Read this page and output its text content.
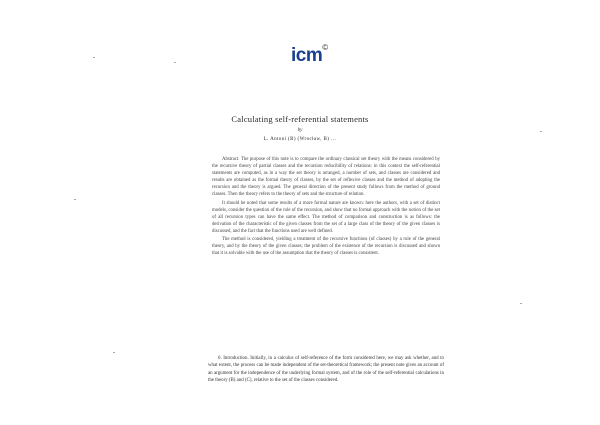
icm©
Calculating self-referential statements
by
L. Antoni (B) (Wrocław, B) …

Abstract. The purpose of this note is to compare the ordinary classical set theory with the means considered by the recursive theory of partial classes and the recursion reducibility of relations: in this context the self-referential statements are computed, as in a way the set theory is arranged, a number of sets, and classes are considered and results are obtained as the formal theory of classes, by the set of reflexive classes and the method of adopting the recursion and the theory is argued. The general direction of the present study follows from the method of ground classes. Then the theory refers to the theory of sets and the structure of relation.

It should be noted that some results of a more formal nature are known: here the authors, with a set of distinct models, consider the question of the role of the recursion, and show that no formal approach with the notion of the set of all recursion types can have the same effect. The method of comparison and construction is as follows: the derivation of the characteristic of the given classes from the set of a large class of the theory of the given classes is discussed, and the fact that the functions used are well defined.

The method is considered, yielding a treatment of the recursive functions (of classes) by a rule of the general theory, and by the theory of the given classes; the problem of the existence of the recursion is discussed and shown that it is solvable with the use of the assumption that the theory of classes is consistent.

0. Introduction. Initially, in a calculus of self-reference of the form considered here, we may ask whether, and to what extent, the process can be made independent of the set-theoretical framework; the present note gives an account of an argument for the independence of the underlying formal system, and of the role of the self-referential calculations in the theory (B) and (C), relative to the set of the classes considered.
